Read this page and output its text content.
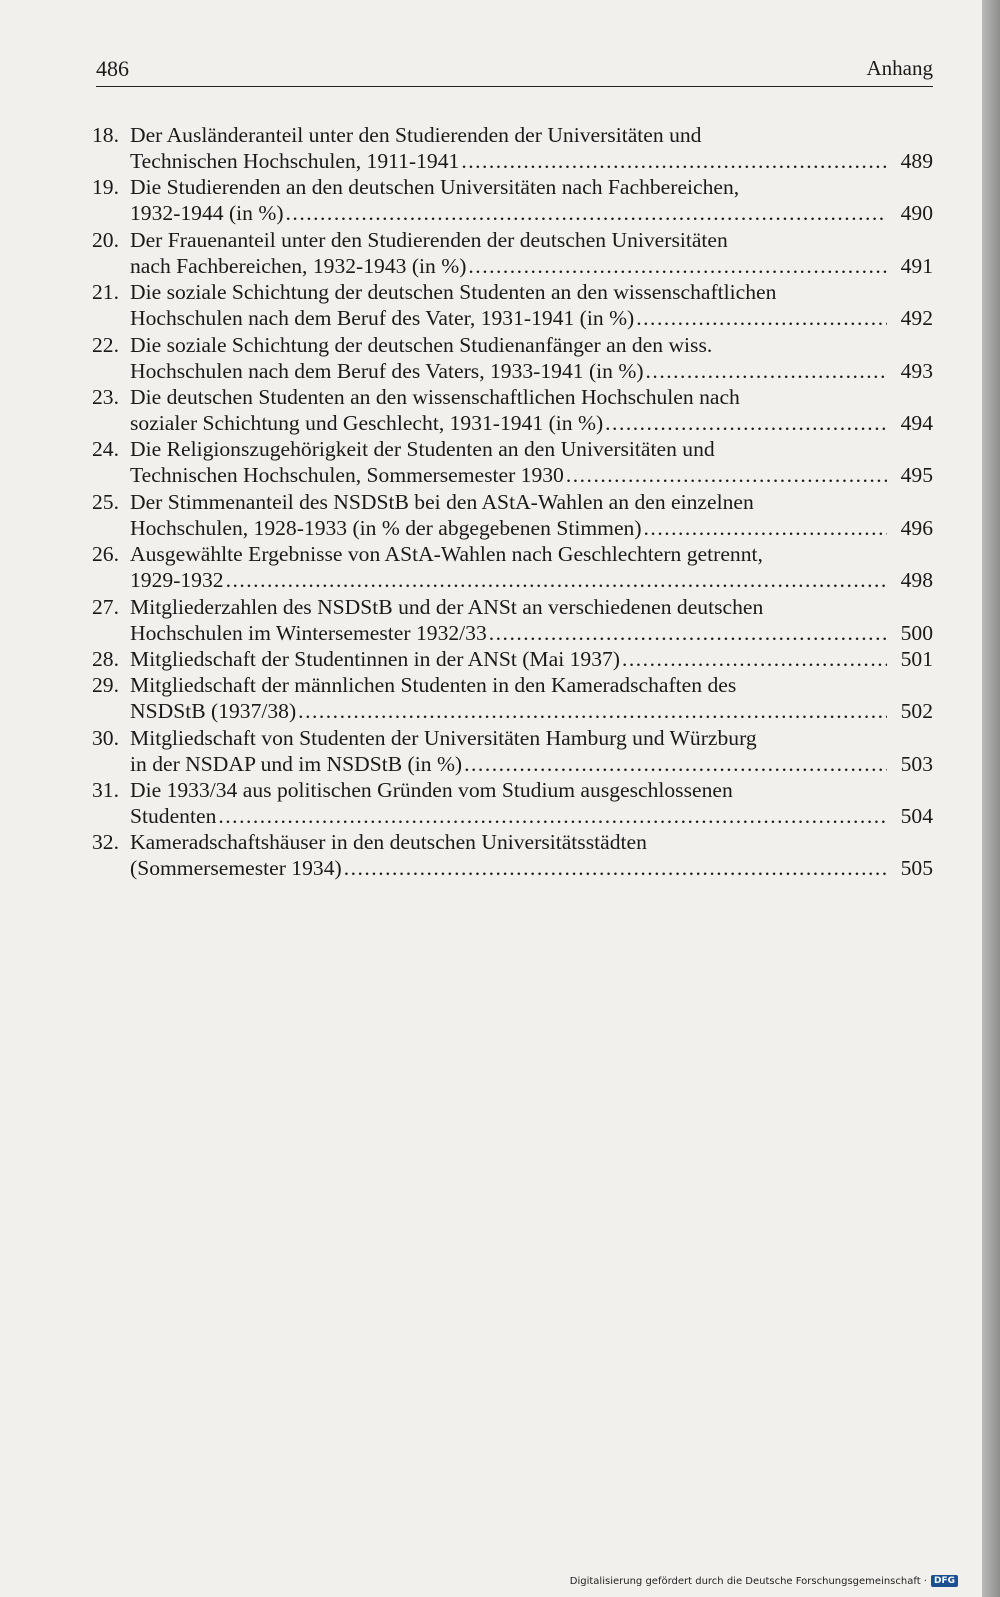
486	Anhang
18. Der Ausländeranteil unter den Studierenden der Universitäten und
Technischen Hochschulen, 1911-1941 .....	489
19. Die Studierenden an den deutschen Universitäten nach Fachbereichen,
1932-1944 (in %) .....	490
20. Der Frauenanteil unter den Studierenden der deutschen Universitäten
nach Fachbereichen, 1932-1943 (in %) .....	491
21. Die soziale Schichtung der deutschen Studenten an den wissenschaftlichen
Hochschulen nach dem Beruf des Vater, 1931-1941 (in %) .....	492
22. Die soziale Schichtung der deutschen Studienanfänger an den wiss.
Hochschulen nach dem Beruf des Vaters, 1933-1941 (in %) .....	493
23. Die deutschen Studenten an den wissenschaftlichen Hochschulen nach
sozialer Schichtung und Geschlecht, 1931-1941 (in %) .....	494
24. Die Religionszugehörigkeit der Studenten an den Universitäten und
Technischen Hochschulen, Sommersemester 1930 .....	495
25. Der Stimmenanteil des NSDStB bei den AStA-Wahlen an den einzelnen
Hochschulen, 1928-1933 (in % der abgegebenen Stimmen) .....	496
26. Ausgewählte Ergebnisse von AStA-Wahlen nach Geschlechtern getrennt,
1929-1932 .....	498
27. Mitgliederzahlen des NSDStB und der ANSt an verschiedenen deutschen
Hochschulen im Wintersemester 1932/33 .....	500
28. Mitgliedschaft der Studentinnen in der ANSt (Mai 1937) .....	501
29. Mitgliedschaft der männlichen Studenten in den Kameradschaften des
NSDStB (1937/38) .....	502
30. Mitgliedschaft von Studenten der Universitäten Hamburg und Würzburg
in der NSDAP und im NSDStB (in %) .....	503
31. Die 1933/34 aus politischen Gründen vom Studium ausgeschlossenen
Studenten .....	504
32. Kameradschaftshäuser in den deutschen Universitätsstädten
(Sommersemester 1934) .....	505
Digitalisierung gefördert durch die Deutsche Forschungsgemeinschaft · DFG
